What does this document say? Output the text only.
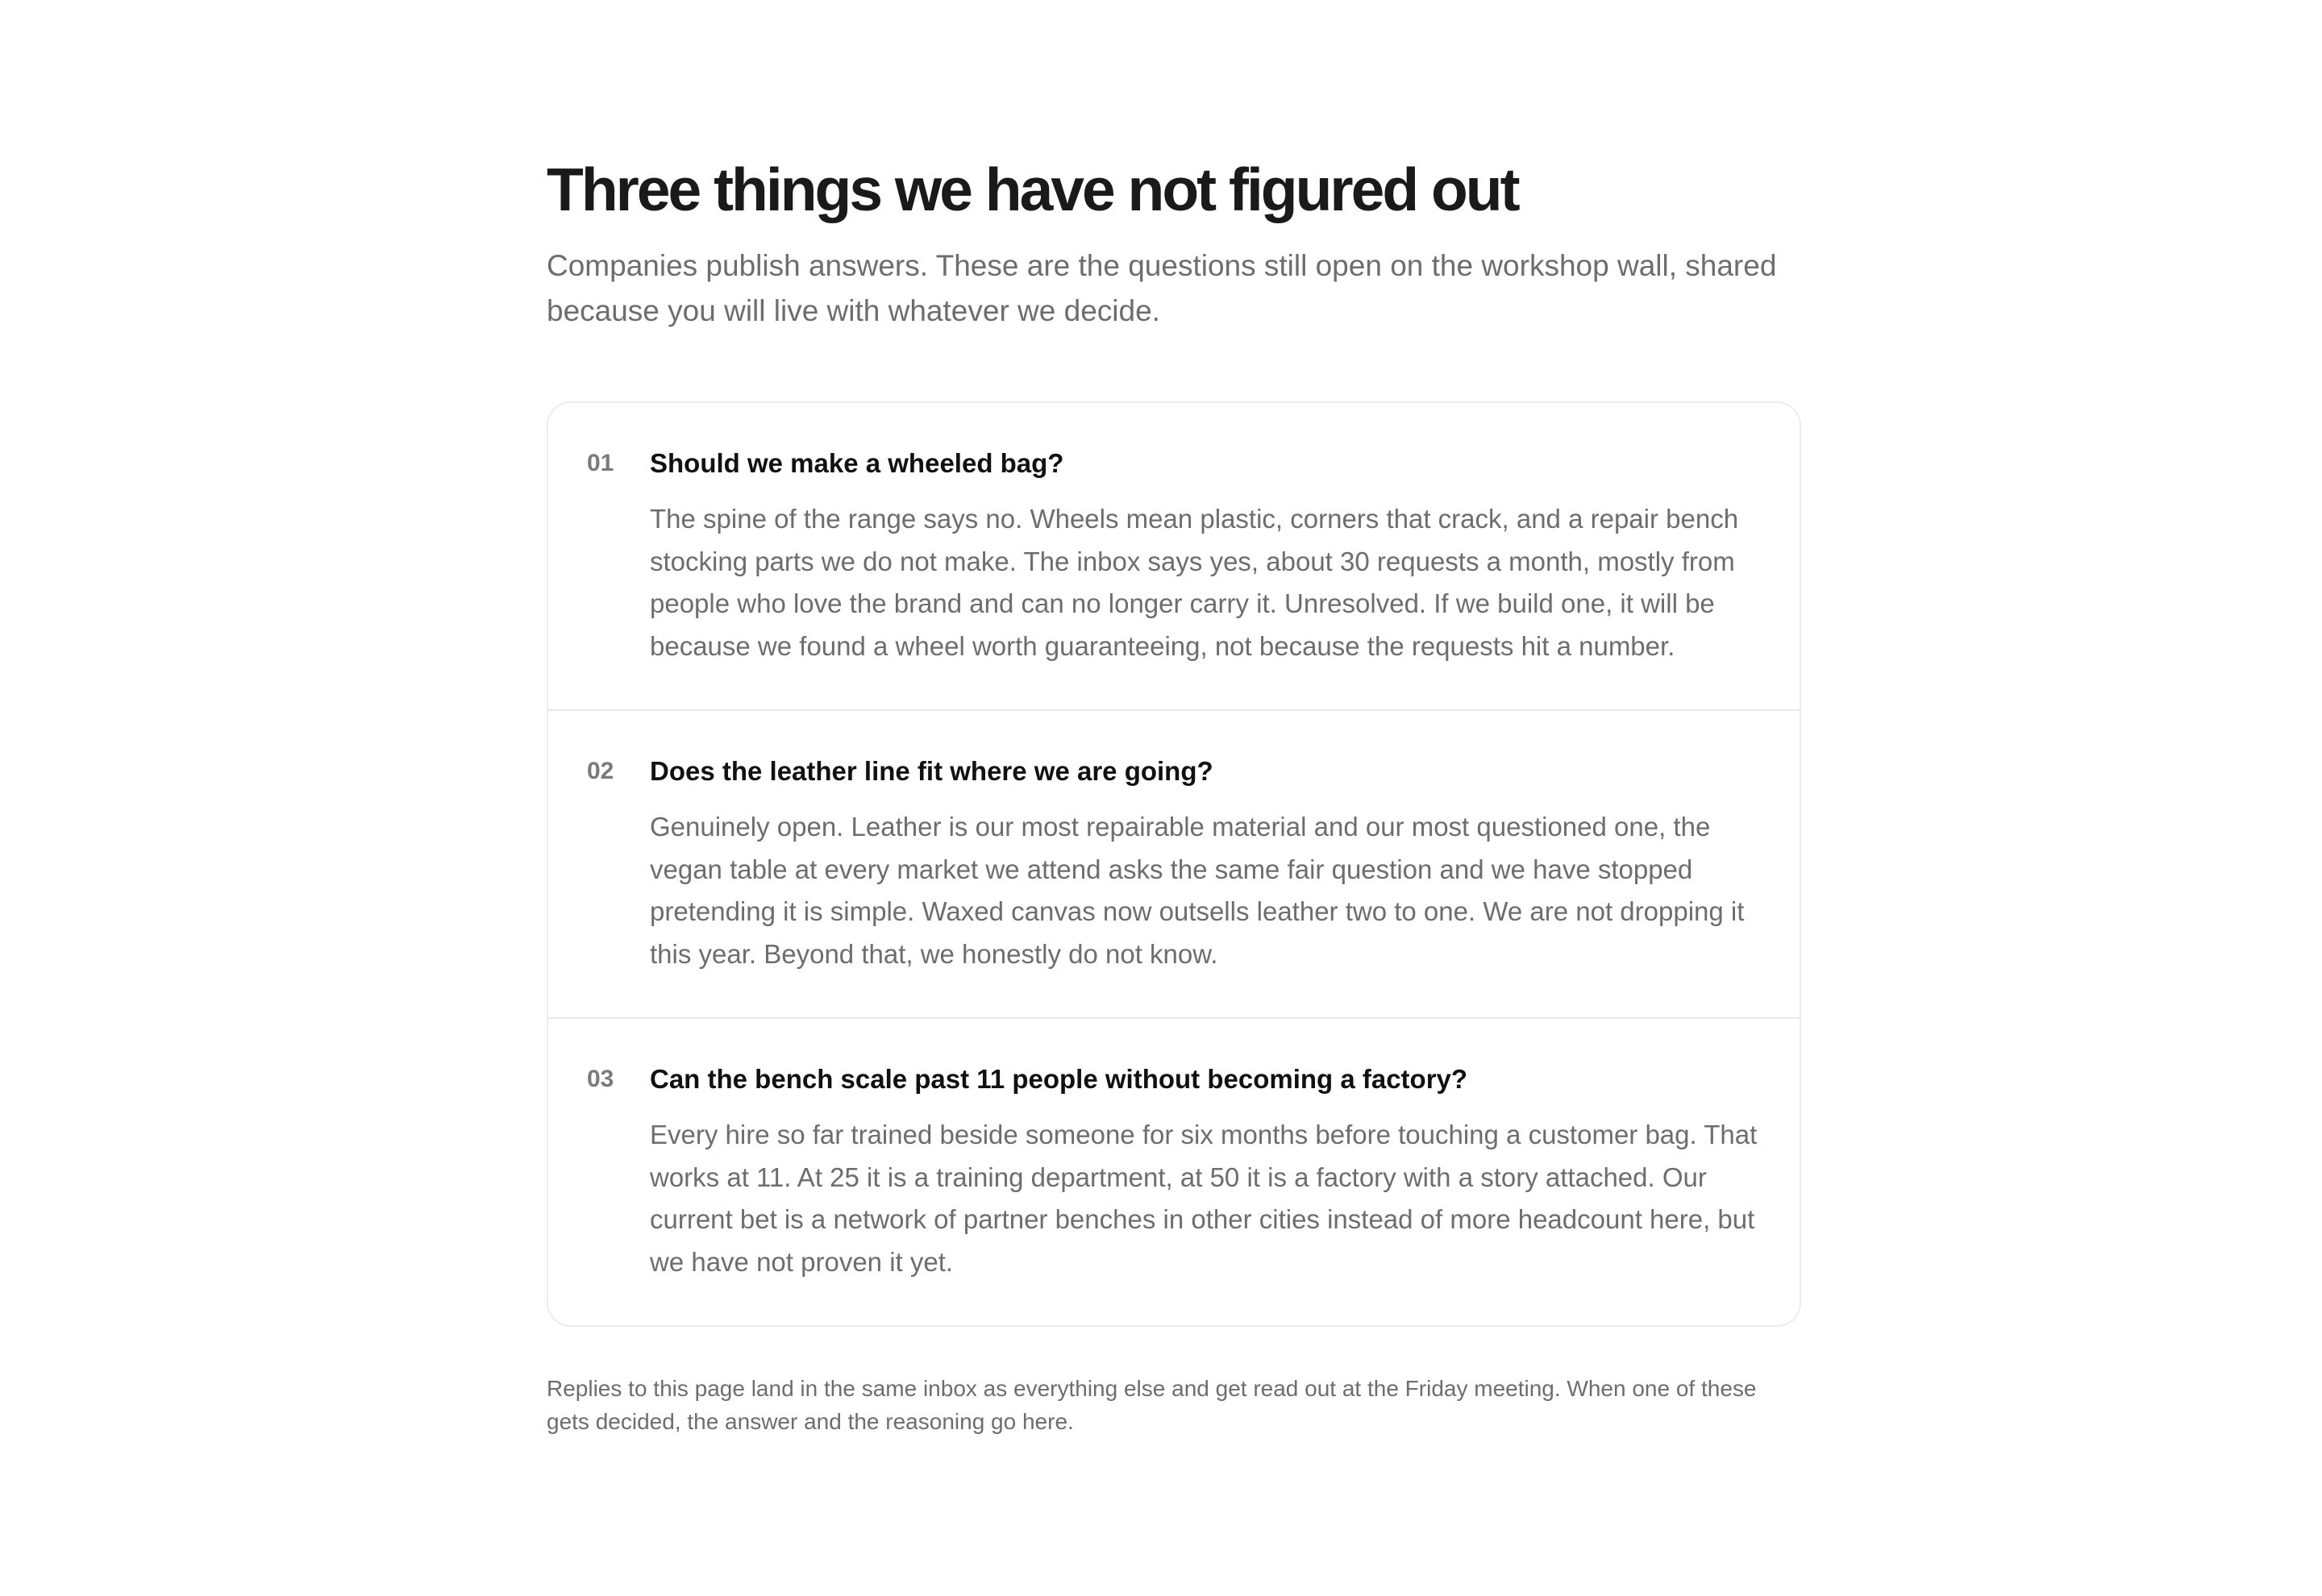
Three things we have not figured out

Companies publish answers. These are the questions still open on the workshop wall, shared because you will live with whatever we decide.

01	Should we make a wheeled bag?

The spine of the range says no. Wheels mean plastic, corners that crack, and a repair bench stocking parts we do not make. The inbox says yes, about 30 requests a month, mostly from people who love the brand and can no longer carry it. Unresolved. If we build one, it will be because we found a wheel worth guaranteeing, not because the requests hit a number.

02	Does the leather line fit where we are going?

Genuinely open. Leather is our most repairable material and our most questioned one, the vegan table at every market we attend asks the same fair question and we have stopped pretending it is simple. Waxed canvas now outsells leather two to one. We are not dropping it this year. Beyond that, we honestly do not know.

03	Can the bench scale past 11 people without becoming a factory?

Every hire so far trained beside someone for six months before touching a customer bag. That works at 11. At 25 it is a training department, at 50 it is a factory with a story attached. Our current bet is a network of partner benches in other cities instead of more headcount here, but we have not proven it yet.

Replies to this page land in the same inbox as everything else and get read out at the Friday meeting. When one of these gets decided, the answer and the reasoning go here.
